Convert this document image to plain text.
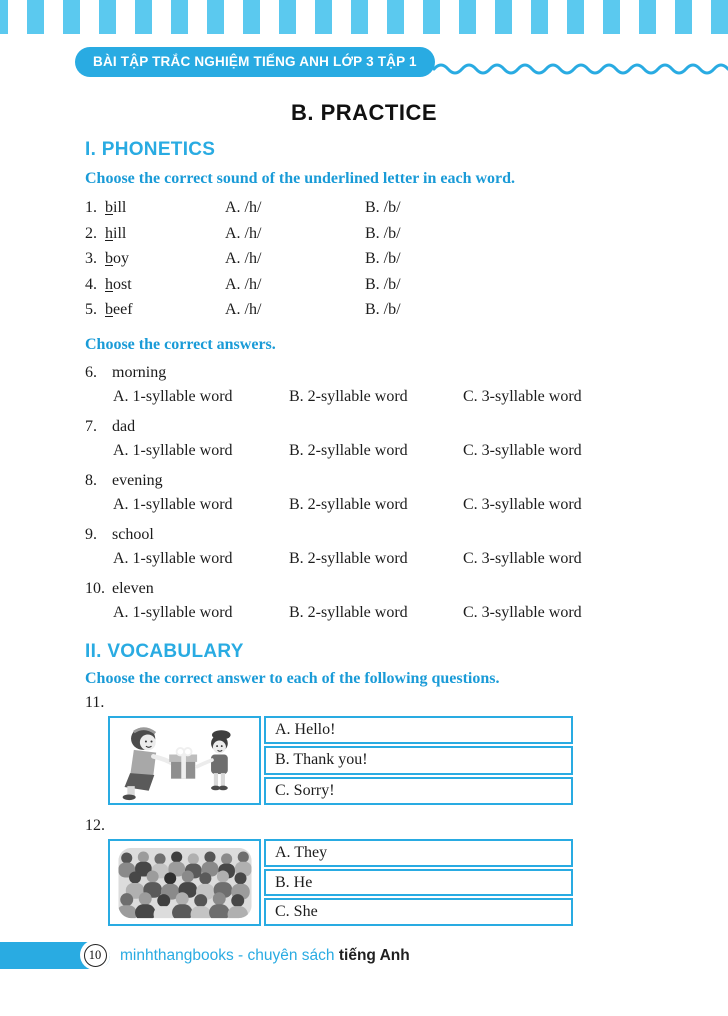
BÀI TẬP TRẮC NGHIỆM TIẾNG ANH LỚP 3 TẬP 1
B. PRACTICE
I. PHONETICS
Choose the correct sound of the underlined letter in each word.
1. bill	A. /h/	B. /b/
2. hill	A. /h/	B. /b/
3. boy	A. /h/	B. /b/
4. host	A. /h/	B. /b/
5. beef	A. /h/	B. /b/
Choose the correct answers.
6. morning
A. 1-syllable word	B. 2-syllable word	C. 3-syllable word
7. dad
A. 1-syllable word	B. 2-syllable word	C. 3-syllable word
8. evening
A. 1-syllable word	B. 2-syllable word	C. 3-syllable word
9. school
A. 1-syllable word	B. 2-syllable word	C. 3-syllable word
10. eleven
A. 1-syllable word	B. 2-syllable word	C. 3-syllable word
II. VOCABULARY
Choose the correct answer to each of the following questions.
11.
A. Hello!
B. Thank you!
C. Sorry!
12.
A. They
B. He
C. She
10	minhthangbooks - chuyên sách tiếng Anh
